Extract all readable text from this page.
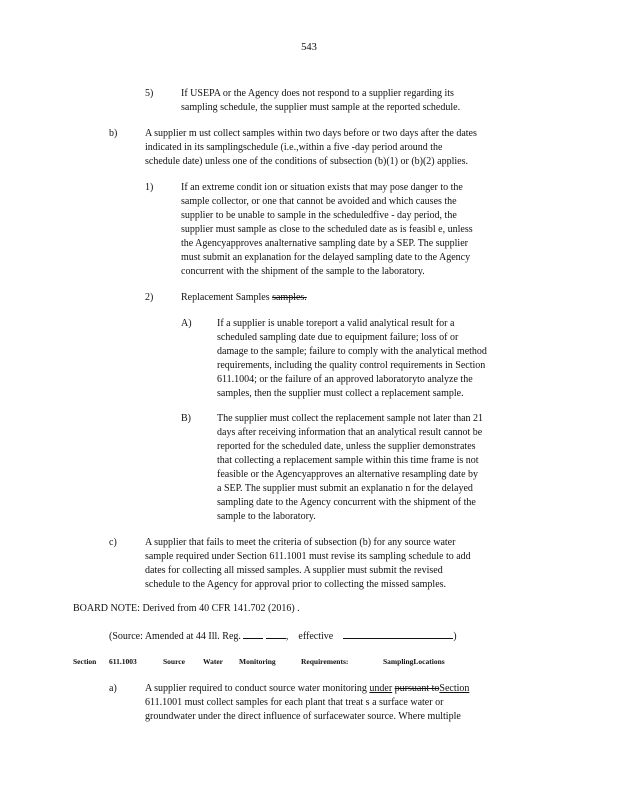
543
5)	If USEPA or the Agency does not respond to a supplier regarding its
sampling schedule, the supplier must sample at the reported schedule.
b)	A supplier m ust collect samples within two days before or two days after the dates
indicated in its samplingschedule (i.e.,within a five -day period around the
schedule date) unless one of the conditions of subsection (b)(1) or (b)(2) applies.
1)	If an extreme condit ion or situation exists that may pose danger to the
sample collector, or one that cannot be avoided and which causes the
supplier to be unable to sample in the scheduledfive - day period, the
supplier must sample as close to the scheduled date as is feasibl e, unless
the Agencyapproves analternative sampling date by a SEP. The supplier
must submit an explanation for the delayed sampling date to the Agency
concurrent with the shipment of the sample to the laboratory.
2)	Replacement Samples samples.
A)	If a supplier is unable toreport a valid analytical result for a
scheduled sampling date due to equipment failure; loss of or
damage to the sample; failure to comply with the analytical method
requirements, including the quality control requirements in Section
611.1004; or the failure of an approved laboratoryto analyze the
samples, then the supplier must collect a replacement sample.
B)	The supplier must collect the replacement sample not later than 21
days after receiving information that an analytical result cannot be
reported for the scheduled date, unless the supplier demonstrates
that collecting a replacement sample within this time frame is not
feasible or the Agencyapproves an alternative resampling date by
a SEP. The supplier must submit an explanatio n for the delayed
sampling date to the Agency concurrent with the shipment of the
sample to the laboratory.
c)	A supplier that fails to meet the criteria of subsection (b) for any source water
sample required under Section 611.1001 must revise its sampling schedule to add
dates for collecting all missed samples. A supplier must submit the revised
schedule to the Agency for approval prior to collecting the missed samples.
BOARD NOTE: Derived from 40 CFR 141.702 (2016) .
(Source: Amended at 44 Ill. Reg.	,    effective	)
Section 611.1003	Source Water Monitoring	Requirements:	SamplingLocations
a)	A supplier required to conduct source water monitoring under pursuant toSection
611.1001 must collect samples for each plant that treat s a surface water or
groundwater under the direct influence of surfacewater source. Where multiple
